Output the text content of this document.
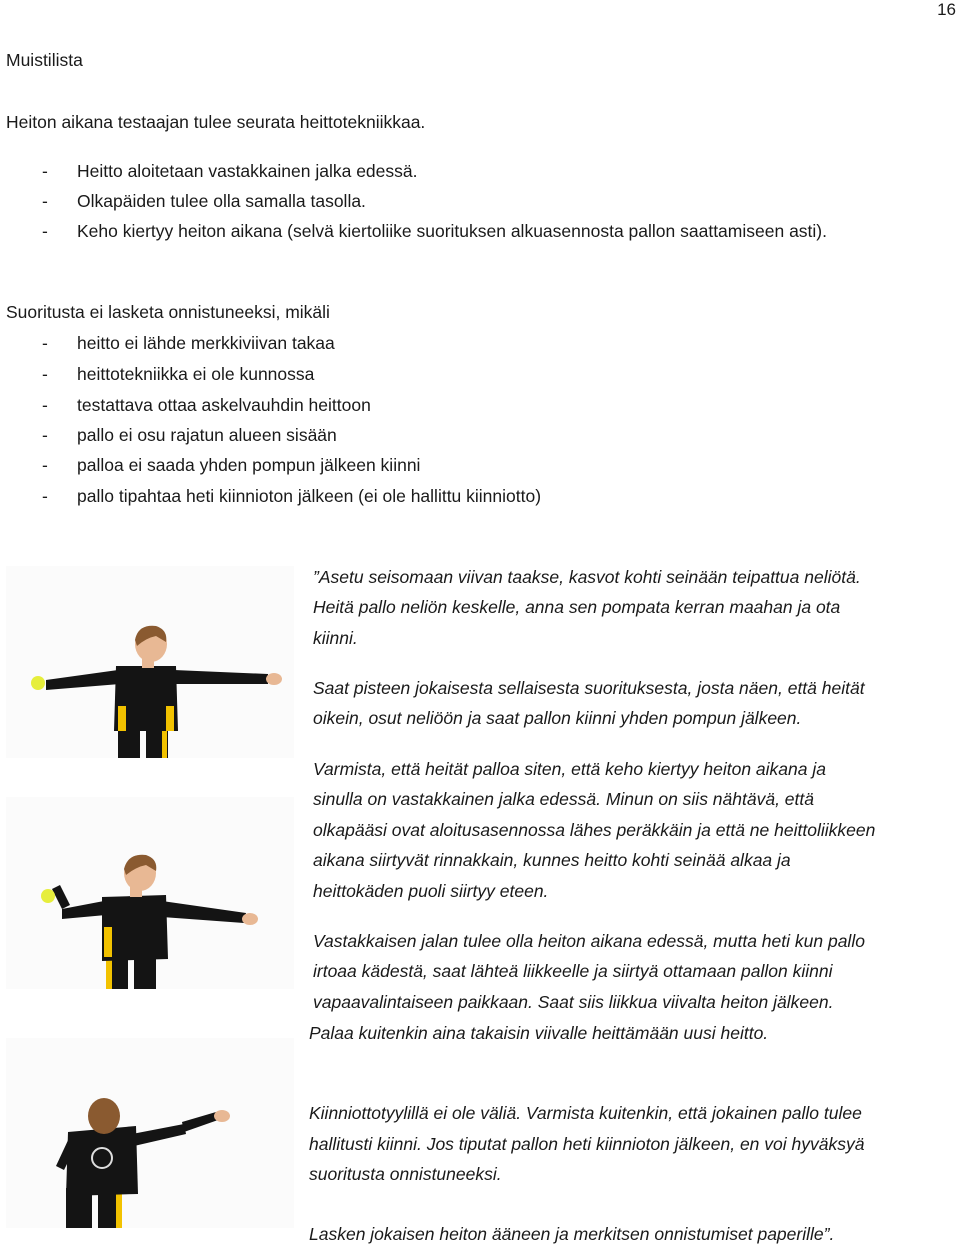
16
Muistilista
Heiton aikana testaajan tulee seurata heittotekniikkaa.
- Heitto aloitetaan vastakkainen jalka edessä.
- Olkapäiden tulee olla samalla tasolla.
- Keho kiertyy heiton aikana (selvä kiertoliike suorituksen alkuasennosta pallon saattamiseen asti).
Suoritusta ei lasketa onnistuneeksi, mikäli
- heitto ei lähde merkkiviivan takaa
- heittotekniikka ei ole kunnossa
- testattava ottaa askelvauhdin heittoon
- pallo ei osu rajatun alueen sisään
- palloa ei saada yhden pompun jälkeen kiinni
- pallo tipahtaa heti kiinnioton jälkeen (ei ole hallittu kiinniotto)
”Asetu seisomaan viivan taakse, kasvot kohti seinään teipattua neliötä.
Heitä pallo neliön keskelle, anna sen pompata kerran maahan ja ota
kiinni.
Saat pisteen jokaisesta sellaisesta suorituksesta, josta näen, että heität
oikein, osut neliöön ja saat pallon kiinni yhden pompun jälkeen.
Varmista, että heität palloa siten, että keho kiertyy heiton aikana ja
sinulla on vastakkainen jalka edessä. Minun on siis nähtävä, että
olkapääsi ovat aloitusasennossa lähes peräkkäin ja että ne heittoliikkeen
aikana siirtyvät rinnakkain, kunnes heitto kohti seinää alkaa ja
heittokäden puoli siirtyy eteen.
Vastakkaisen jalan tulee olla heiton aikana edessä, mutta heti kun pallo
irtoaa kädestä, saat lähteä liikkeelle ja siirtyä ottamaan pallon kiinni
vapaavalintaiseen paikkaan. Saat siis liikkua viivalta heiton jälkeen.
Palaa kuitenkin aina takaisin viivalle heittämään uusi heitto.
Kiinniottotyylillä ei ole väliä. Varmista kuitenkin, että jokainen pallo tulee
hallitusti kiinni. Jos tiputat pallon heti kiinnioton jälkeen, en voi hyväksyä
suoritusta onnistuneeksi.
Lasken jokaisen heiton ääneen ja merkitsen onnistumiset paperille”.
